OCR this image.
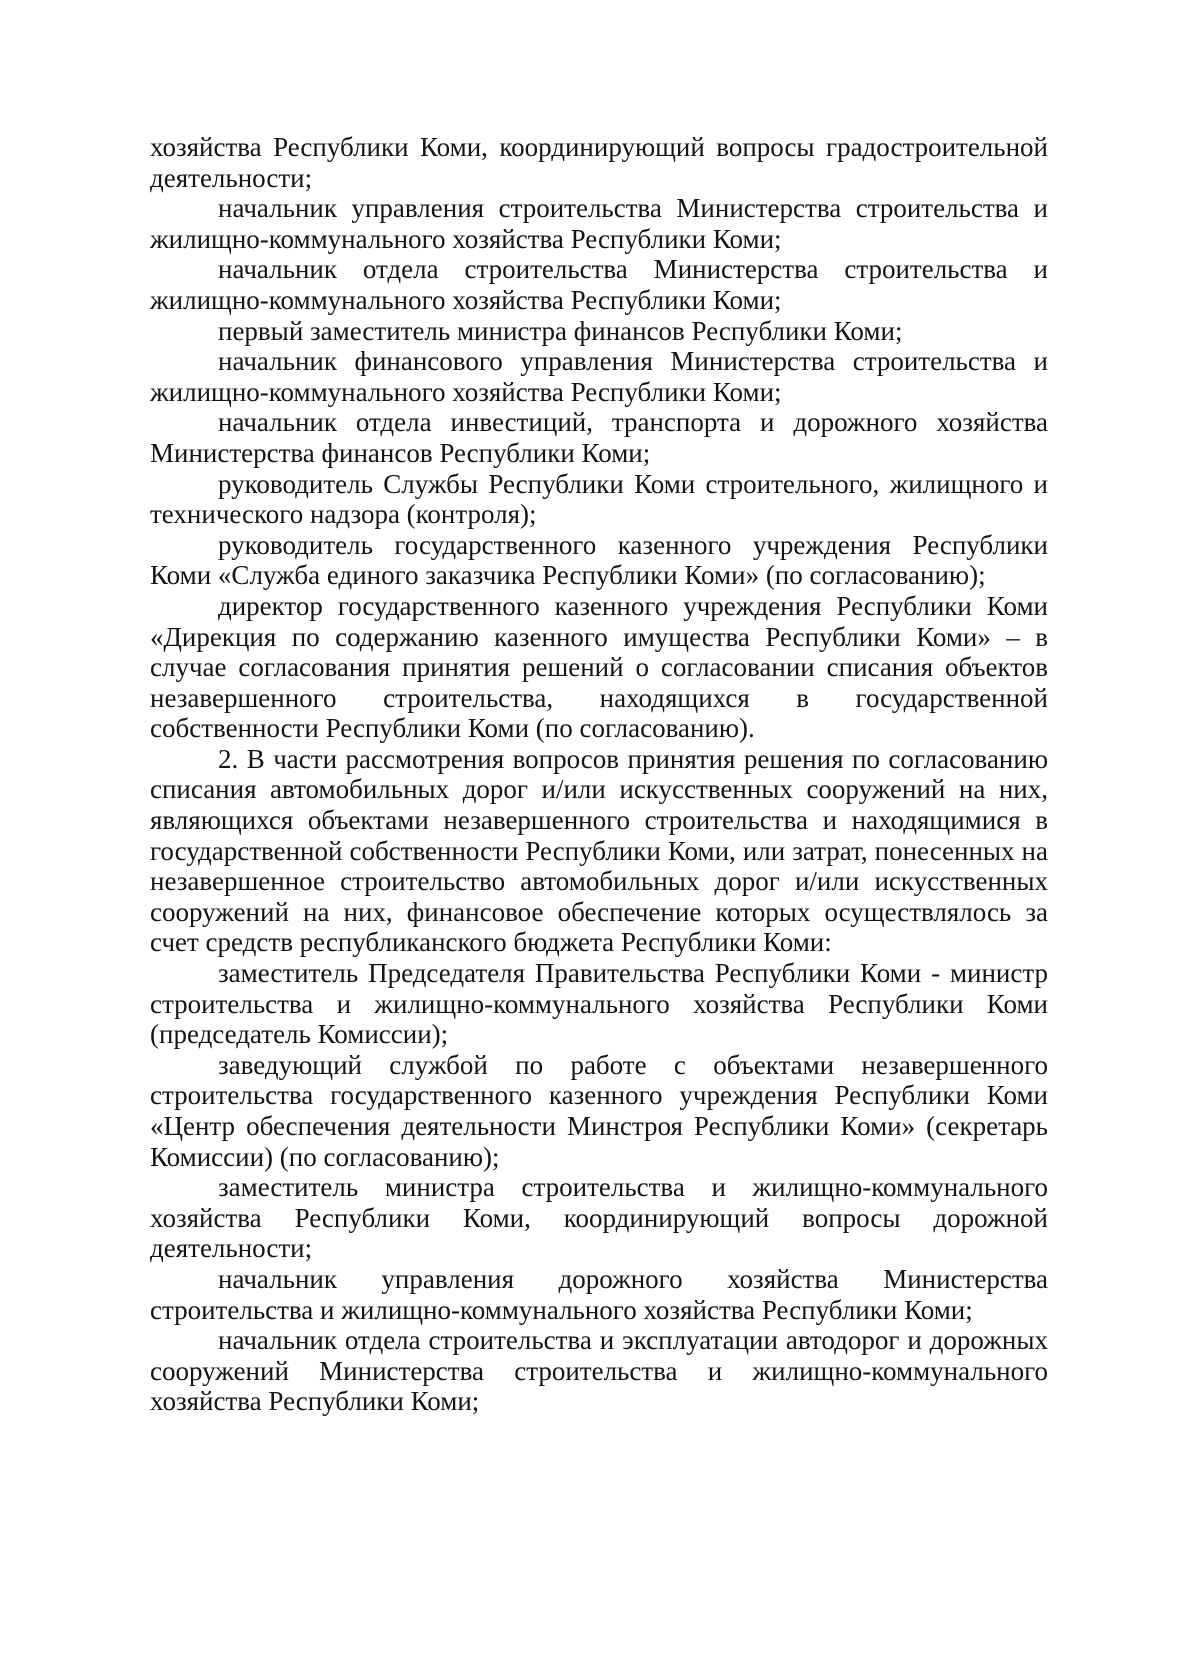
хозяйства Республики Коми, координирующий вопросы градостроительной деятельности;

начальник управления строительства Министерства строительства и жилищно-коммунального хозяйства Республики Коми;

начальник отдела строительства Министерства строительства и жилищно-коммунального хозяйства Республики Коми;

первый заместитель министра финансов Республики Коми;

начальник финансового управления Министерства строительства и жилищно-коммунального хозяйства Республики Коми;

начальник отдела инвестиций, транспорта и дорожного хозяйства Министерства финансов Республики Коми;

руководитель Службы Республики Коми строительного, жилищного и технического надзора (контроля);

руководитель государственного казенного учреждения Республики Коми «Служба единого заказчика Республики Коми» (по согласованию);

директор государственного казенного учреждения Республики Коми «Дирекция по содержанию казенного имущества Республики Коми» – в случае согласования принятия решений о согласовании списания объектов незавершенного строительства, находящихся в государственной собственности Республики Коми (по согласованию).

2. В части рассмотрения вопросов принятия решения по согласованию списания автомобильных дорог и/или искусственных сооружений на них, являющихся объектами незавершенного строительства и находящимися в государственной собственности Республики Коми, или затрат, понесенных на незавершенное строительство автомобильных дорог и/или искусственных сооружений на них, финансовое обеспечение которых осуществлялось за счет средств республиканского бюджета Республики Коми:

заместитель Председателя Правительства Республики Коми - министр строительства и жилищно-коммунального хозяйства Республики Коми (председатель Комиссии);

заведующий службой по работе с объектами незавершенного строительства государственного казенного учреждения Республики Коми «Центр обеспечения деятельности Минстроя Республики Коми» (секретарь Комиссии) (по согласованию);

заместитель министра строительства и жилищно-коммунального хозяйства Республики Коми, координирующий вопросы дорожной деятельности;

начальник управления дорожного хозяйства Министерства строительства и жилищно-коммунального хозяйства Республики Коми;

начальник отдела строительства и эксплуатации автодорог и дорожных сооружений Министерства строительства и жилищно-коммунального хозяйства Республики Коми;
